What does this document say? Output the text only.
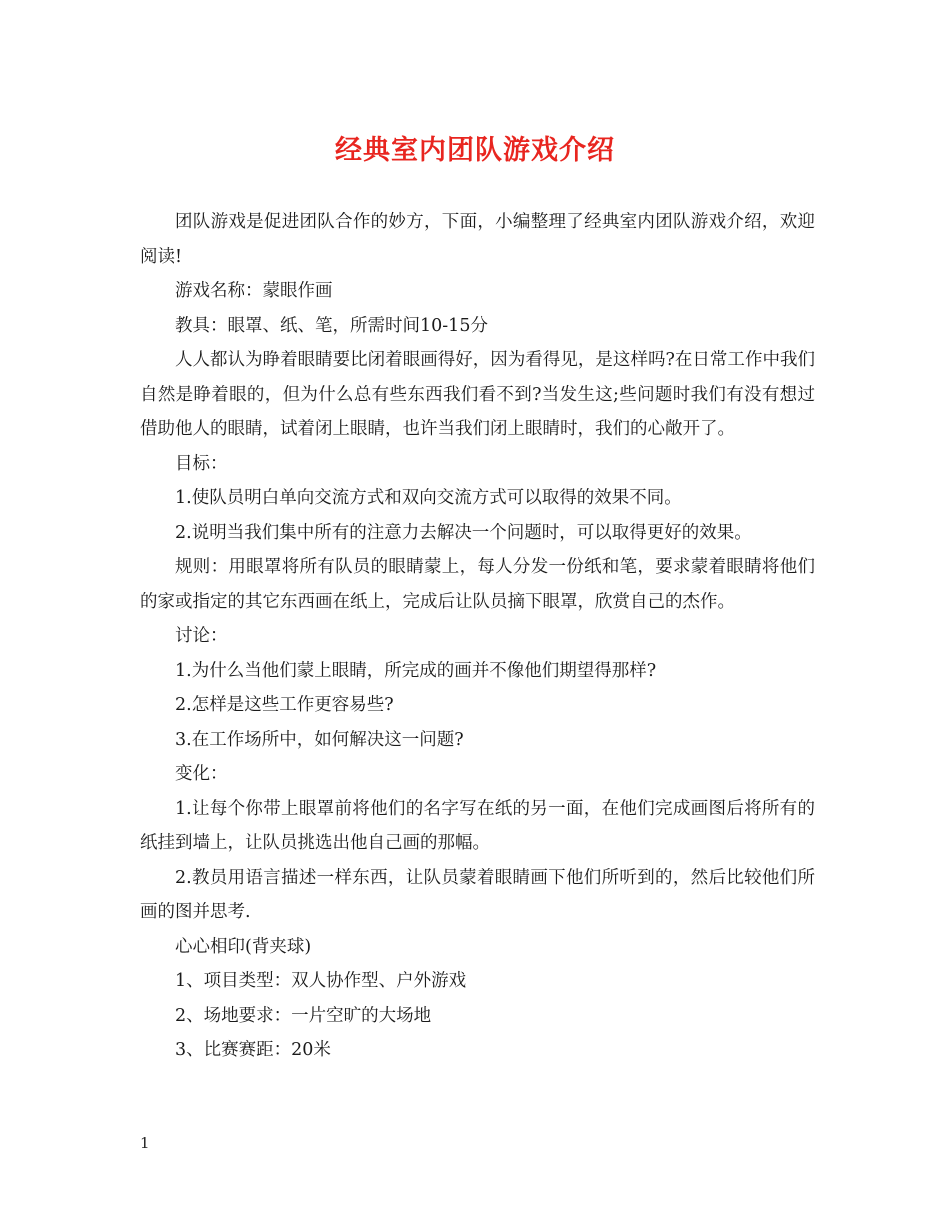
经典室内团队游戏介绍

团队游戏是促进团队合作的妙方，下面，小编整理了经典室内团队游戏介绍，欢迎阅读!

游戏名称：蒙眼作画

教具：眼罩、纸、笔，所需时间10-15分

人人都认为睁着眼睛要比闭着眼画得好，因为看得见，是这样吗?在日常工作中我们自然是睁着眼的，但为什么总有些东西我们看不到?当发生这;些问题时我们有没有想过借助他人的眼睛，试着闭上眼睛，也许当我们闭上眼睛时，我们的心敞开了。

目标：

1.使队员明白单向交流方式和双向交流方式可以取得的效果不同。

2.说明当我们集中所有的注意力去解决一个问题时，可以取得更好的效果。

规则：用眼罩将所有队员的眼睛蒙上，每人分发一份纸和笔，要求蒙着眼睛将他们的家或指定的其它东西画在纸上，完成后让队员摘下眼罩，欣赏自己的杰作。

讨论：

1.为什么当他们蒙上眼睛，所完成的画并不像他们期望得那样?

2.怎样是这些工作更容易些?

3.在工作场所中，如何解决这一问题?

变化：

1.让每个你带上眼罩前将他们的名字写在纸的另一面，在他们完成画图后将所有的纸挂到墙上，让队员挑选出他自己画的那幅。

2.教员用语言描述一样东西，让队员蒙着眼睛画下他们所听到的，然后比较他们所画的图并思考.

心心相印(背夹球)

1、项目类型：双人协作型、户外游戏

2、场地要求：一片空旷的大场地

3、比赛赛距：20米

1
